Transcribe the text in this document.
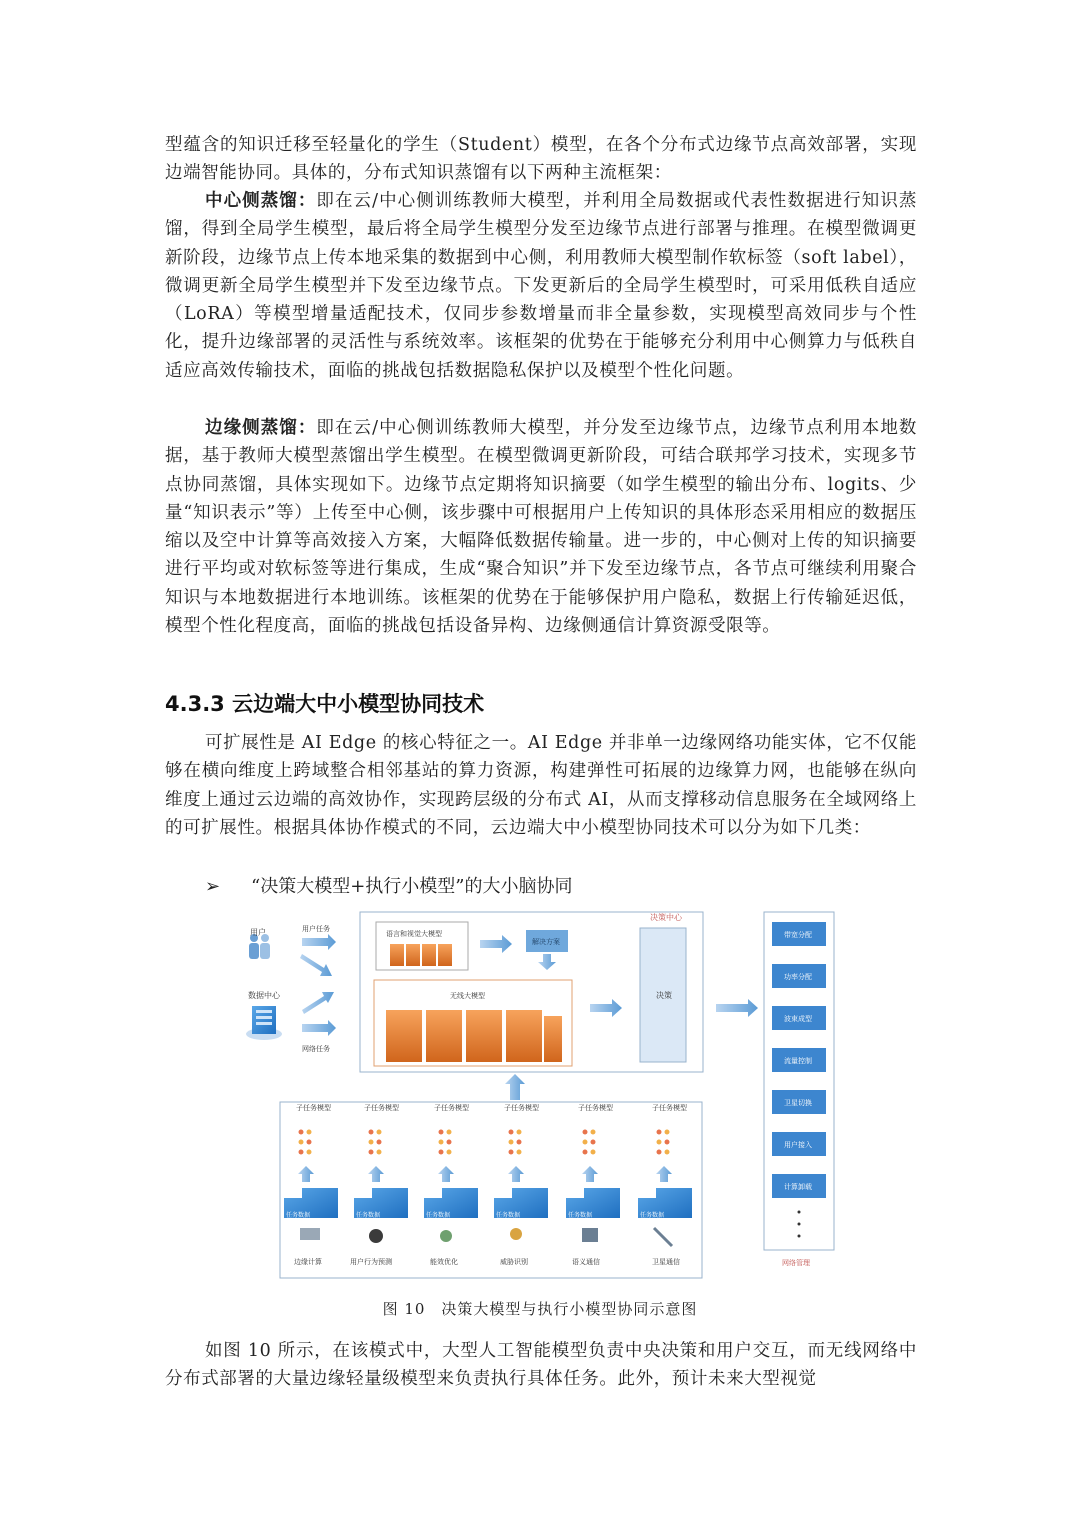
型蕴含的知识迁移至轻量化的学生（Student）模型，在各个分布式边缘节点高效部署，实现边端智能协同。具体的，分布式知识蒸馏有以下两种主流框架：
中心侧蒸馏：即在云/中心侧训练教师大模型，并利用全局数据或代表性数据进行知识蒸馏，得到全局学生模型，最后将全局学生模型分发至边缘节点进行部署与推理。在模型微调更新阶段，边缘节点上传本地采集的数据到中心侧，利用教师大模型制作软标签（soft label），微调更新全局学生模型并下发至边缘节点。下发更新后的全局学生模型时，可采用低秩自适应（LoRA）等模型增量适配技术，仅同步参数增量而非全量参数，实现模型高效同步与个性化，提升边缘部署的灵活性与系统效率。该框架的优势在于能够充分利用中心侧算力与低秩自适应高效传输技术，面临的挑战包括数据隐私保护以及模型个性化问题。
边缘侧蒸馏：即在云/中心侧训练教师大模型，并分发至边缘节点，边缘节点利用本地数据，基于教师大模型蒸馏出学生模型。在模型微调更新阶段，可结合联邦学习技术，实现多节点协同蒸馏，具体实现如下。边缘节点定期将知识摘要（如学生模型的输出分布、logits、少量“知识表示”等）上传至中心侧，该步骤中可根据用户上传知识的具体形态采用相应的数据压缩以及空中计算等高效接入方案，大幅降低数据传输量。进一步的，中心侧对上传的知识摘要进行平均或对软标签等进行集成，生成“聚合知识”并下发至边缘节点，各节点可继续利用聚合知识与本地数据进行本地训练。该框架的优势在于能够保护用户隐私，数据上行传输延迟低，模型个性化程度高，面临的挑战包括设备异构、边缘侧通信计算资源受限等。
4.3.3 云边端大中小模型协同技术
可扩展性是 AI Edge 的核心特征之一。AI Edge 并非单一边缘网络功能实体，它不仅能够在横向维度上跨域整合相邻基站的算力资源，构建弹性可拓展的边缘算力网，也能够在纵向维度上通过云边端的高效协作，实现跨层级的分布式 AI，从而支撑移动信息服务在全域网络上的可扩展性。根据具体协作模式的不同，云边端大中小模型协同技术可以分为如下几类：
➢ “决策大模型+执行小模型”的大小脑协同
用户	用户任务
数据中心
网络任务
决策中心
语言和视觉大模型
解决方案
无线大模型	决策
带宽分配
功率分配
波束成型
流量控制
卫星切换
用户接入
计算卸载
网络管理
子任务模型
任务数据
边缘计算
子任务模型
任务数据
用户行为预测
子任务模型
任务数据
能效优化
子任务模型
任务数据
威胁识别
子任务模型
任务数据
语义通信
子任务模型
任务数据
卫星通信
图 10　决策大模型与执行小模型协同示意图
如图 10 所示，在该模式中，大型人工智能模型负责中央决策和用户交互，而无线网络中分布式部署的大量边缘轻量级模型来负责执行具体任务。此外，预计未来大型视觉
